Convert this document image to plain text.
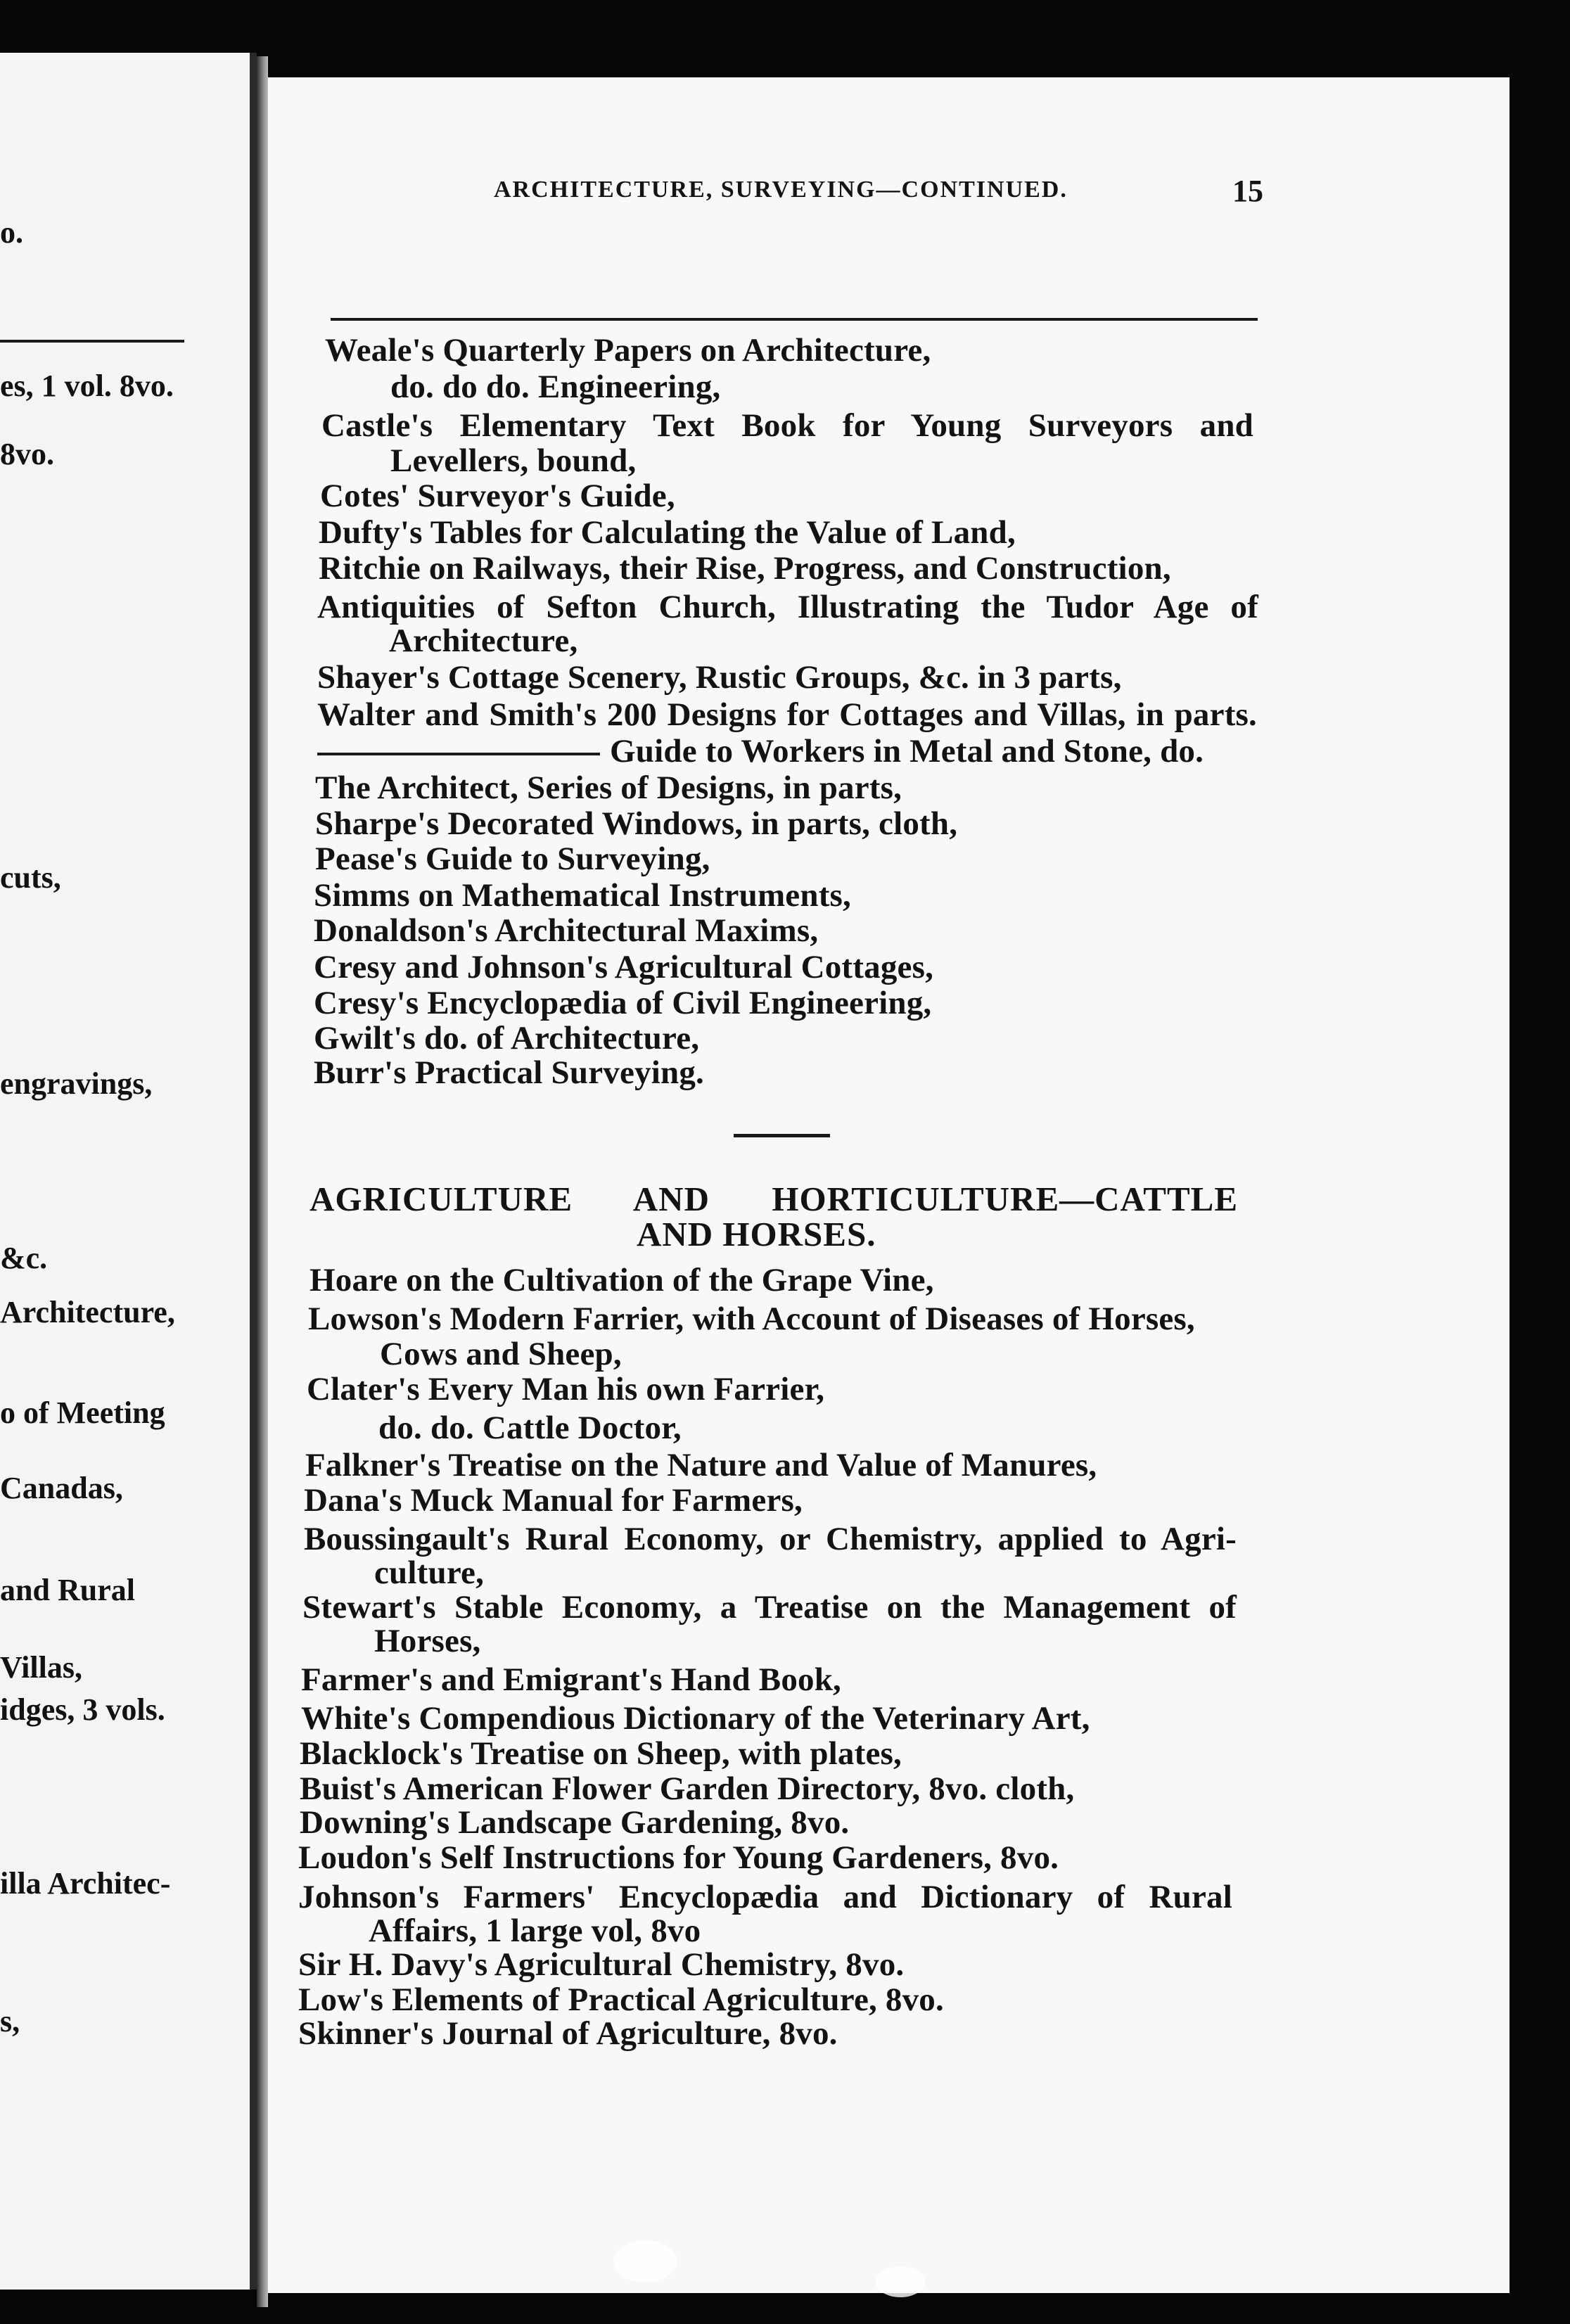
o.
es, 1 vol. 8vo.
8vo.
cuts,
engravings,
&c.
Architecture,
o of Meeting
Canadas,
and Rural
Villas,
idges, 3 vols.
illa Architec-
s,
ARCHITECTURE, SURVEYING—CONTINUED.	15
Weale's Quarterly Papers on Architecture,
do. do do. Engineering,
Castle's Elementary Text Book for Young Surveyors and
Levellers, bound,
Cotes' Surveyor's Guide,
Dufty's Tables for Calculating the Value of Land,
Ritchie on Railways, their Rise, Progress, and Construction,
Antiquities of Sefton Church, Illustrating the Tudor Age of
Architecture,
Shayer's Cottage Scenery, Rustic Groups, &c. in 3 parts,
Walter and Smith's 200 Designs for Cottages and Villas, in parts.
Guide to Workers in Metal and Stone, do.
The Architect, Series of Designs, in parts,
Sharpe's Decorated Windows, in parts, cloth,
Pease's Guide to Surveying,
Simms on Mathematical Instruments,
Donaldson's Architectural Maxims,
Cresy and Johnson's Agricultural Cottages,
Cresy's Encyclopædia of Civil Engineering,
Gwilt's do. of Architecture,
Burr's Practical Surveying.
AGRICULTURE AND HORTICULTURE—CATTLE
AND HORSES.
Hoare on the Cultivation of the Grape Vine,
Lowson's Modern Farrier, with Account of Diseases of Horses,
Cows and Sheep,
Clater's Every Man his own Farrier,
do. do. Cattle Doctor,
Falkner's Treatise on the Nature and Value of Manures,
Dana's Muck Manual for Farmers,
Boussingault's Rural Economy, or Chemistry, applied to Agri-
culture,
Stewart's Stable Economy, a Treatise on the Management of
Horses,
Farmer's and Emigrant's Hand Book,
White's Compendious Dictionary of the Veterinary Art,
Blacklock's Treatise on Sheep, with plates,
Buist's American Flower Garden Directory, 8vo. cloth,
Downing's Landscape Gardening, 8vo.
Loudon's Self Instructions for Young Gardeners, 8vo.
Johnson's Farmers' Encyclopædia and Dictionary of Rural
Affairs, 1 large vol, 8vo
Sir H. Davy's Agricultural Chemistry, 8vo.
Low's Elements of Practical Agriculture, 8vo.
Skinner's Journal of Agriculture, 8vo.
